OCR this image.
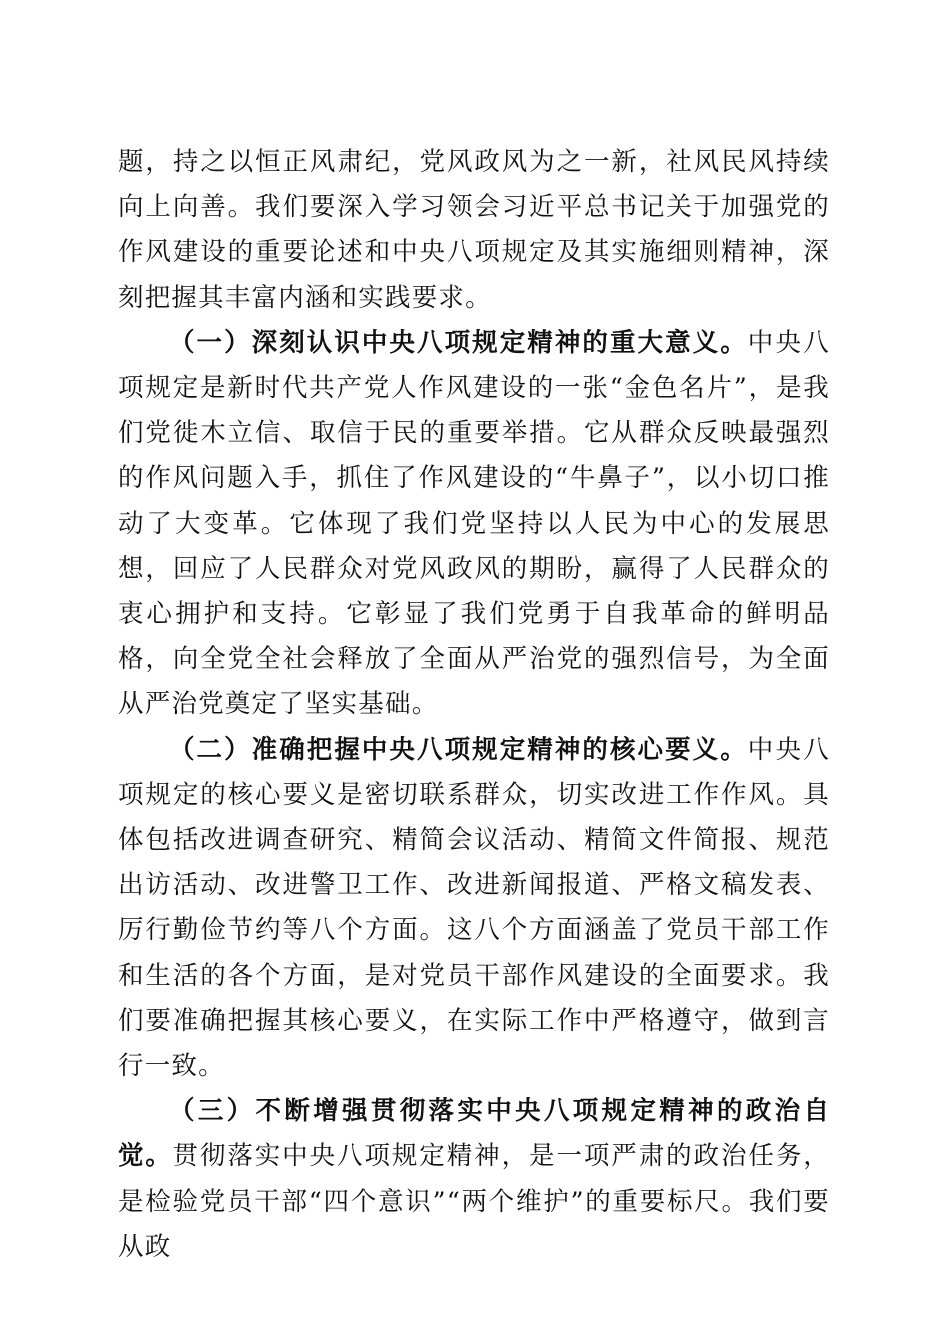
题，持之以恒正风肃纪，党风政风为之一新，社风民风持续向上向善。我们要深入学习领会习近平总书记关于加强党的作风建设的重要论述和中央八项规定及其实施细则精神，深刻把握其丰富内涵和实践要求。

（一）深刻认识中央八项规定精神的重大意义。中央八项规定是新时代共产党人作风建设的一张“金色名片”，是我们党徙木立信、取信于民的重要举措。它从群众反映最强烈的作风问题入手，抓住了作风建设的“牛鼻子”，以小切口推动了大变革。它体现了我们党坚持以人民为中心的发展思想，回应了人民群众对党风政风的期盼，赢得了人民群众的衷心拥护和支持。它彰显了我们党勇于自我革命的鲜明品格，向全党全社会释放了全面从严治党的强烈信号，为全面从严治党奠定了坚实基础。

（二）准确把握中央八项规定精神的核心要义。中央八项规定的核心要义是密切联系群众，切实改进工作作风。具体包括改进调查研究、精简会议活动、精简文件简报、规范出访活动、改进警卫工作、改进新闻报道、严格文稿发表、厉行勤俭节约等八个方面。这八个方面涵盖了党员干部工作和生活的各个方面，是对党员干部作风建设的全面要求。我们要准确把握其核心要义，在实际工作中严格遵守，做到言行一致。

（三）不断增强贯彻落实中央八项规定精神的政治自觉。贯彻落实中央八项规定精神，是一项严肃的政治任务，是检验党员干部“四个意识”“两个维护”的重要标尺。我们要从政
